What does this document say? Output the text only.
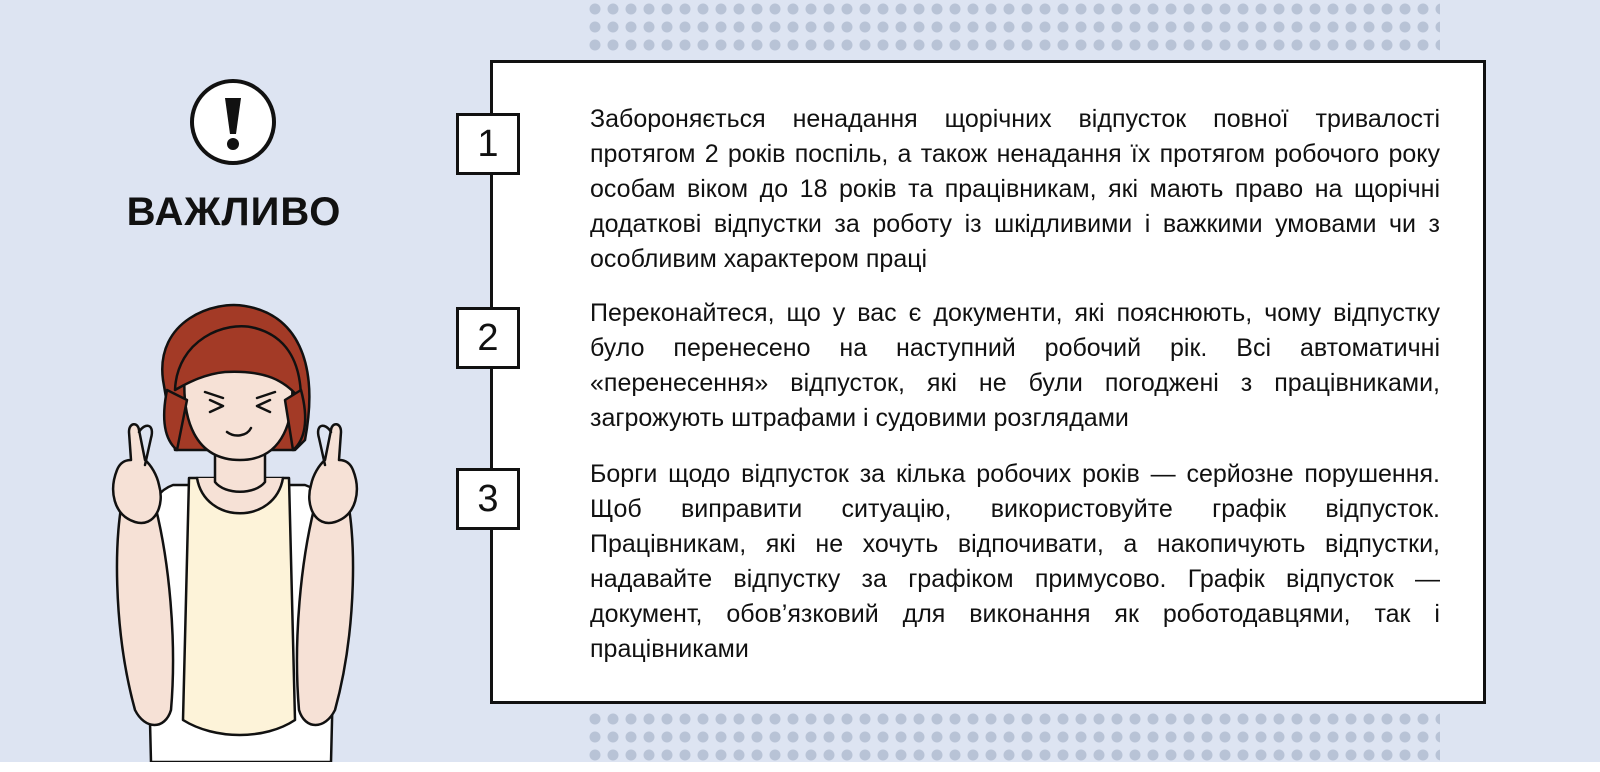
ВАЖЛИВО
1
2
3

Забороняється ненадання щорічних відпусток повної тривалості протягом 2 років поспіль, а також ненадання їх протягом робочого року особам віком до 18 років та працівникам, які мають право на щорічні додаткові відпустки за роботу із шкідливими і важкими умовами чи з особливим характером праці

Переконайтеся, що у вас є документи, які пояснюють, чому відпустку було перенесено на наступний робочий рік. Всі автоматичні «перенесення» відпусток, які не були погоджені з працівниками, загрожують штрафами і судовими розглядами

Борги щодо відпусток за кілька робочих років — серйозне порушення. Щоб виправити ситуацію, використовуйте графік відпусток. Працівникам, які не хочуть відпочивати, а накопичують відпустки, надавайте відпустку за графіком примусово. Графік відпусток — документ, обов’язковий для виконання як роботодавцями, так і працівниками
